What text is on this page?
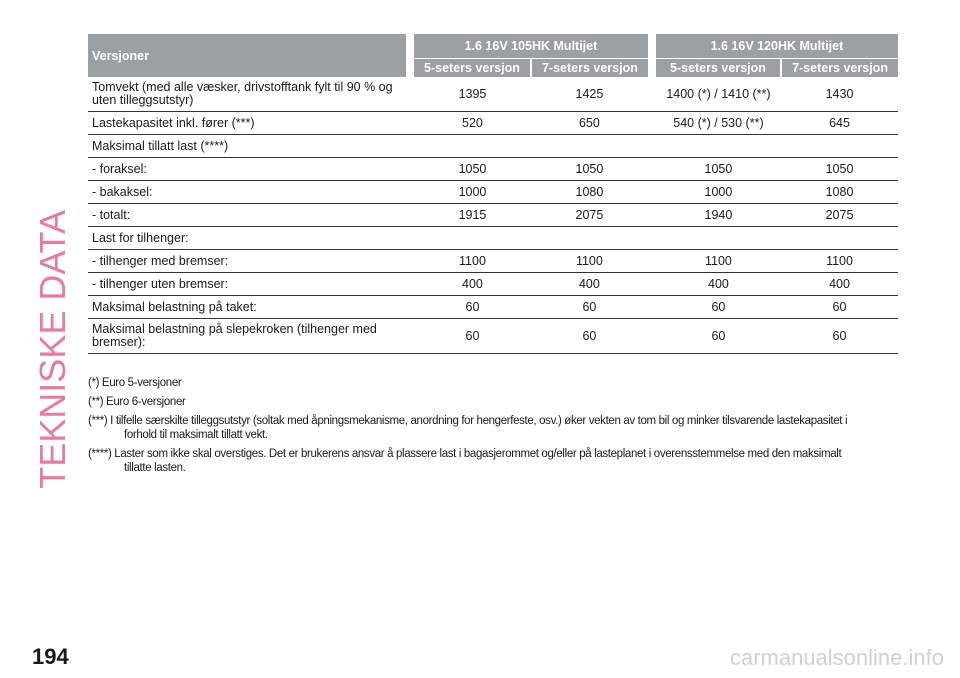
TEKNISKE DATA
Versjoner		1.6 16V 105HK Multijet			1.6 16V 120HK Multijet	
		5-seters versjon	7-seters versjon		5-seters versjon	7-seters versjon
Tomvekt (med alle væsker, drivstofftank fylt til 90 % og uten tilleggsutstyr)		1395	1425		1400 (*) / 1410 (**)	1430
Lastekapasitet inkl. fører (***)		520	650		540 (*) / 530 (**)	645
Maksimal tillatt last (****)						
- foraksel:		1050	1050		1050	1050
- bakaksel:		1000	1080		1000	1080
- totalt:		1915	2075		1940	2075
Last for tilhenger:						
- tilhenger med bremser:		1100	1100		1100	1100
- tilhenger uten bremser:		400	400		400	400
Maksimal belastning på taket:		60	60		60	60
Maksimal belastning på slepekroken (tilhenger med bremser):		60	60		60	60
(*) Euro 5-versjoner
(**) Euro 6-versjoner
(***) I tilfelle særskilte tilleggsutstyr (soltak med åpningsmekanisme, anordning for hengerfeste, osv.) øker vekten av tom bil og minker tilsvarende lastekapasitet i
forhold til maksimalt tillatt vekt.
(****) Laster som ikke skal overstiges. Det er brukerens ansvar å plassere last i bagasjerommet og/eller på lasteplanet i overensstemmelse med den maksimalt
tillatte lasten.
194	carmanualsonline.info
